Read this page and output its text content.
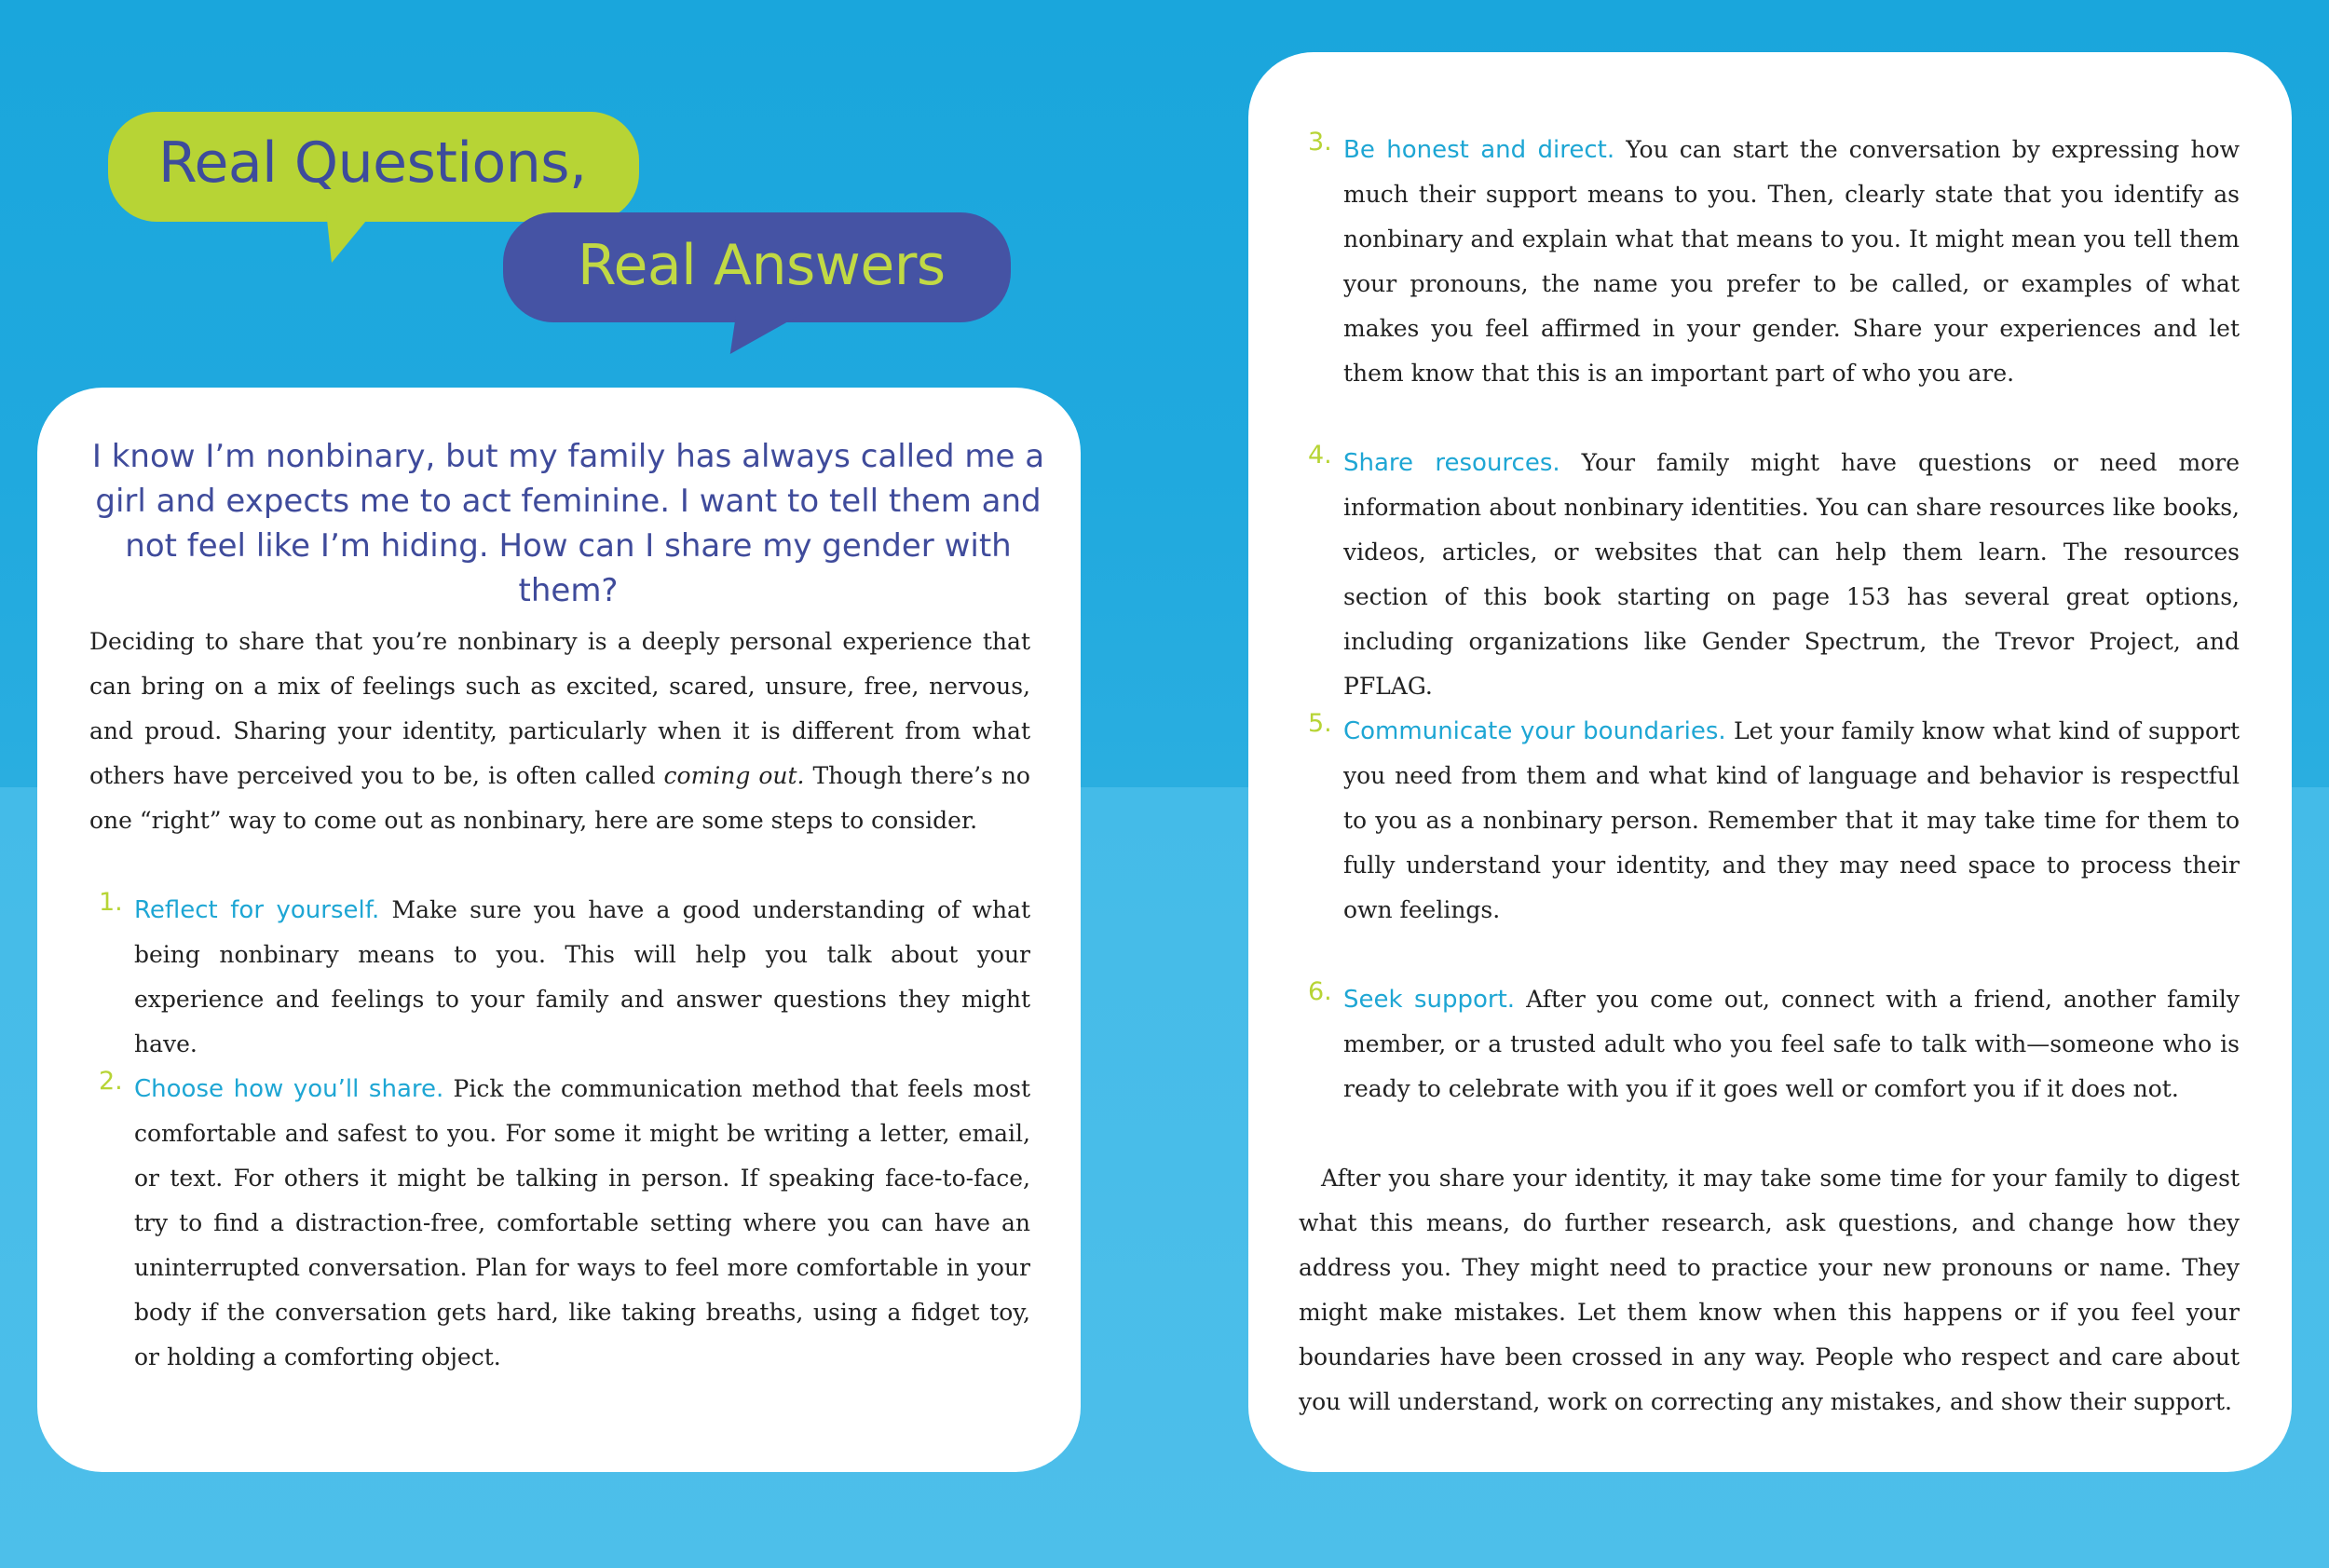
Real Questions,
Real Answers
I know I’m nonbinary, but my family has always called me a girl and expects me to act feminine. I want to tell them and not feel like I’m hiding. How can I share my gender with them?

Deciding to share that you’re nonbinary is a deeply personal experience that can bring on a mix of feelings such as excited, scared, unsure, free, nervous, and proud. Sharing your identity, particularly when it is different from what others have perceived you to be, is often called coming out. Though there’s no one “right” way to come out as nonbinary, here are some steps to consider.

1. Reflect for yourself. Make sure you have a good understanding of what being nonbinary means to you. This will help you talk about your experience and feelings to your family and answer questions they might have.

2. Choose how you’ll share. Pick the communication method that feels most comfortable and safest to you. For some it might be writing a letter, email, or text. For others it might be talking in person. If speaking face-to-face, try to find a distraction-free, comfortable setting where you can have an uninterrupted conversation. Plan for ways to feel more comfortable in your body if the conversation gets hard, like taking breaths, using a fidget toy, or holding a comforting object.

3. Be honest and direct. You can start the conversation by expressing how much their support means to you. Then, clearly state that you identify as nonbinary and explain what that means to you. It might mean you tell them your pronouns, the name you prefer to be called, or examples of what makes you feel affirmed in your gender. Share your experiences and let them know that this is an important part of who you are.

4. Share resources. Your family might have questions or need more information about nonbinary identities. You can share resources like books, videos, articles, or websites that can help them learn. The resources section of this book starting on page 153 has several great options, including organizations like Gender Spectrum, the Trevor Project, and PFLAG.

5. Communicate your boundaries. Let your family know what kind of support you need from them and what kind of language and behavior is respectful to you as a nonbinary person. Remember that it may take time for them to fully understand your identity, and they may need space to process their own feelings.

6. Seek support. After you come out, connect with a friend, another family member, or a trusted adult who you feel safe to talk with—someone who is ready to celebrate with you if it goes well or comfort you if it does not.

After you share your identity, it may take some time for your family to digest what this means, do further research, ask questions, and change how they address you. They might need to practice your new pronouns or name. They might make mistakes. Let them know when this happens or if you feel your boundaries have been crossed in any way. People who respect and care about you will understand, work on correcting any mistakes, and show their support.
